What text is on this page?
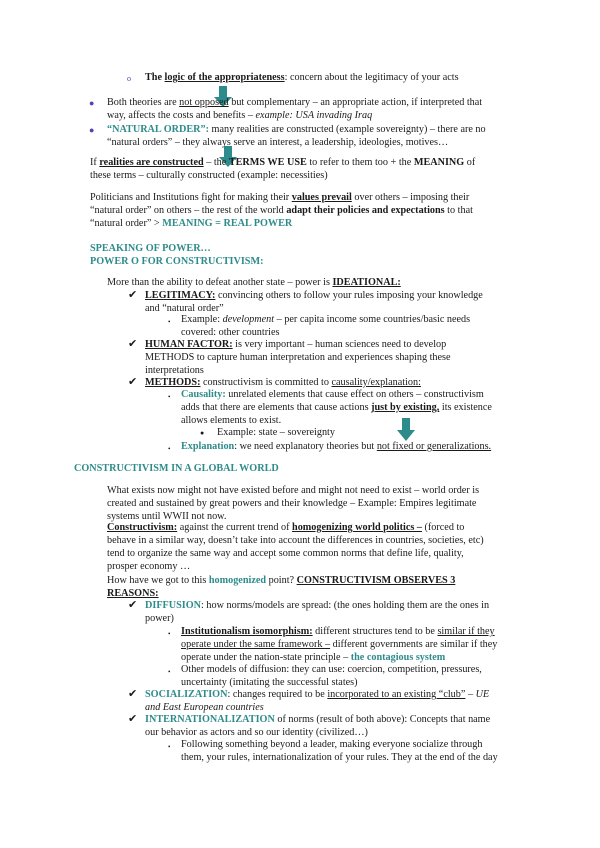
o The logic of the appropriateness: concern about the legitimacy of your acts
● Both theories are not opposed but complementary – an appropriate action, if interpreted that
way, affects the costs and benefits – example: USA invading Iraq
● “NATURAL ORDER”: many realities are constructed (example sovereignty) – there are no
“natural orders” – they always serve an interest, a leadership, ideologies, motives…
If realities are constructed – the TERMS WE USE to refer to them too + the MEANING of
these terms – culturally constructed (example: necessities)
Politicians and Institutions fight for making their values prevail over others – imposing their
“natural order” on others – the rest of the world adapt their policies and expectations to that
“natural order” > MEANING = REAL POWER
SPEAKING OF POWER…
POWER O FOR CONSTRUCTIVISM:
More than the ability to defeat another state – power is IDEATIONAL:
✔ LEGITIMACY: convincing others to follow your rules imposing your knowledge
and “natural order”
• Example: development – per capita income some countries/basic needs
covered: other countries
✔ HUMAN FACTOR: is very important – human sciences need to develop
METHODS to capture human interpretation and experiences shaping these
interpretations
✔ METHODS: constructivism is committed to causality/explanation:
• Causality: unrelated elements that cause effect on others – constructivism
adds that there are elements that cause actions just by existing, its existence
allows elements to exist.
● Example: state – sovereignty
• Explanation: we need explanatory theories but not fixed or generalizations.
CONSTRUCTIVISM IN A GLOBAL WORLD
What exists now might not have existed before and might not need to exist – world order is
created and sustained by great powers and their knowledge – Example: Empires legitimate
systems until WWII not now.
Constructivism: against the current trend of homogenizing world politics – (forced to
behave in a similar way, doesn’t take into account the differences in countries, societies, etc)
tend to organize the same way and accept some common norms that define life, quality,
prosper economy …
How have we got to this homogenized point? CONSTRUCTIVISM OBSERVES 3
REASONS:
✔ DIFFUSION: how norms/models are spread: (the ones holding them are the ones in
power)
• Institutionalism isomorphism: different structures tend to be similar if they
operate under the same framework – different governments are similar if they
operate under the nation-state principle – the contagious system
• Other models of diffusion: they can use: coercion, competition, pressures,
uncertainty (imitating the successful states)
✔ SOCIALIZATION: changes required to be incorporated to an existing “club” – UE
and East European countries
✔ INTERNATIONALIZATION of norms (result of both above): Concepts that name
our behavior as actors and so our identity (civilized…)
• Following something beyond a leader, making everyone socialize through
them, your rules, internationalization of your rules. They at the end of the day
